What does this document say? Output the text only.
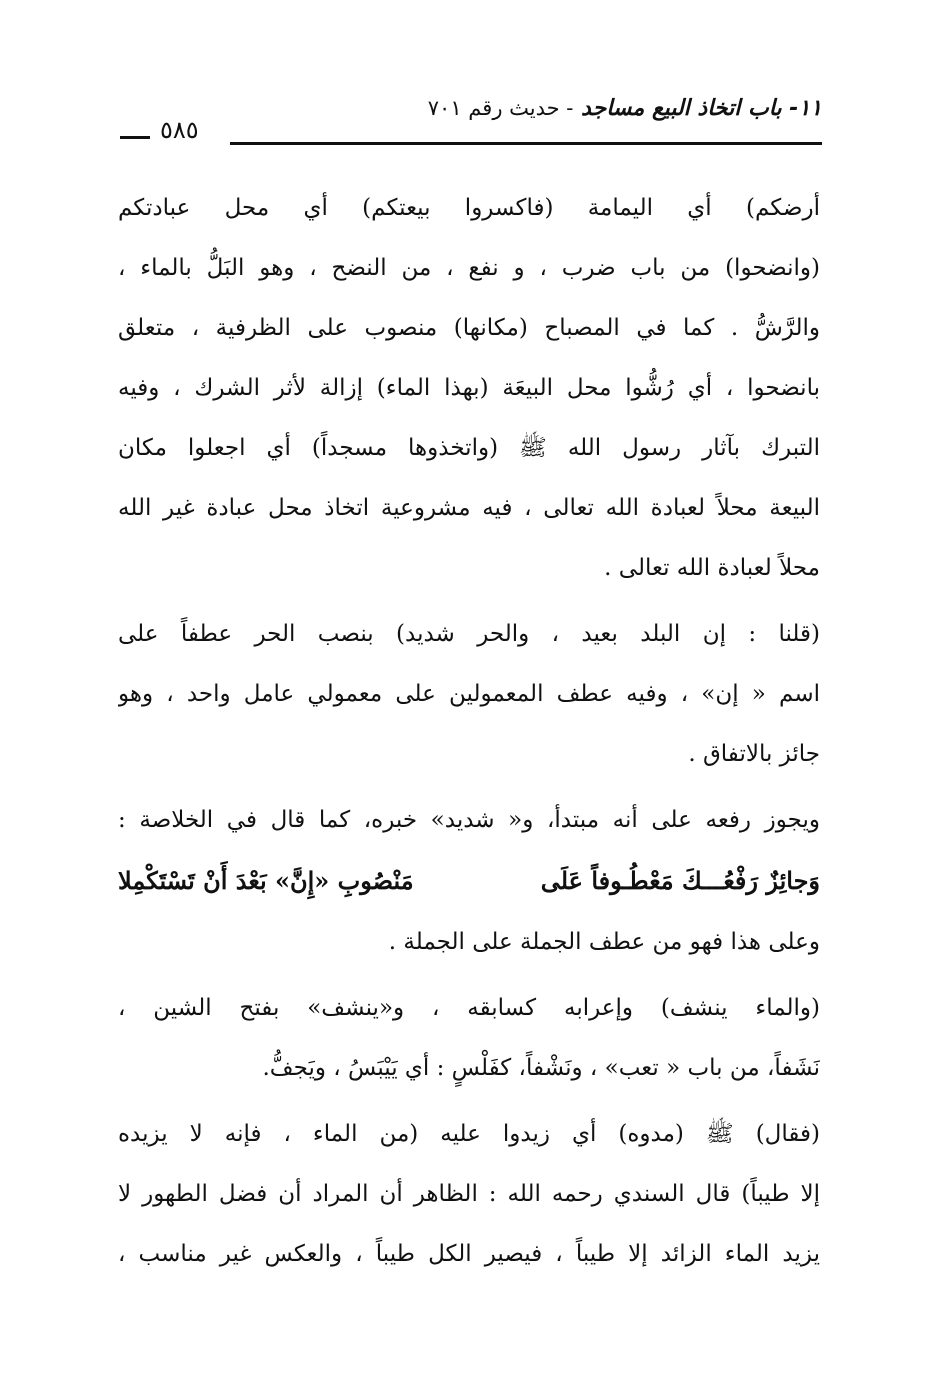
١١- باب اتخاذ البيع مساجد - حديث رقم ٧٠١
٥٨٥
أرضكم) أي اليمامة (فاكسروا بيعتكم) أي محل عبادتكم
(وانضحوا) من باب ضرب ، و نفع ، من النضح ، وهو البَلُّ بالماء ،
والرَّشُّ . كما في المصباح (مكانها) منصوب على الظرفية ، متعلق
بانضحوا ، أي رُشُّوا محل البيعَة (بهذا الماء) إزالة لأثر الشرك ، وفيه
التبرك بآثار رسول الله ﷺ (واتخذوها مسجداً) أي اجعلوا مكان
البيعة محلاً لعبادة الله تعالى ، فيه مشروعية اتخاذ محل عبادة غير الله
محلاً لعبادة الله تعالى .
(قلنا : إن البلد بعيد ، والحر شديد) بنصب الحر عطفاً على
اسم « إن» ، وفيه عطف المعمولين على معمولي عامل واحد ، وهو
جائز بالاتفاق .
ويجوز رفعه على أنه مبتدأ، و« شديد» خبره، كما قال في الخلاصة :
وَجائِزٌ رَفْعُـــكَ مَعْطُـوفاً عَلَى
مَنْصُوبِ «إِنَّ» بَعْدَ أَنْ تَسْتَكْمِلا
وعلى هذا فهو من عطف الجملة على الجملة .
(والماء ينشف) وإعرابه كسابقه ، و«ينشف» بفتح الشين ،
نَشَفاً، من باب « تعب» ، ونَشْفاً، كفَلْسٍ : أي يَيْبَسُ ، ويَجفُّ.
(فقال) ﷺ (مدوه) أي زيدوا عليه (من الماء ، فإنه لا يزيده
إلا طيباً) قال السندي رحمه الله : الظاهر أن المراد أن فضل الطهور لا
يزيد الماء الزائد إلا طيباً ، فيصير الكل طيباً ، والعكس غير مناسب ،
